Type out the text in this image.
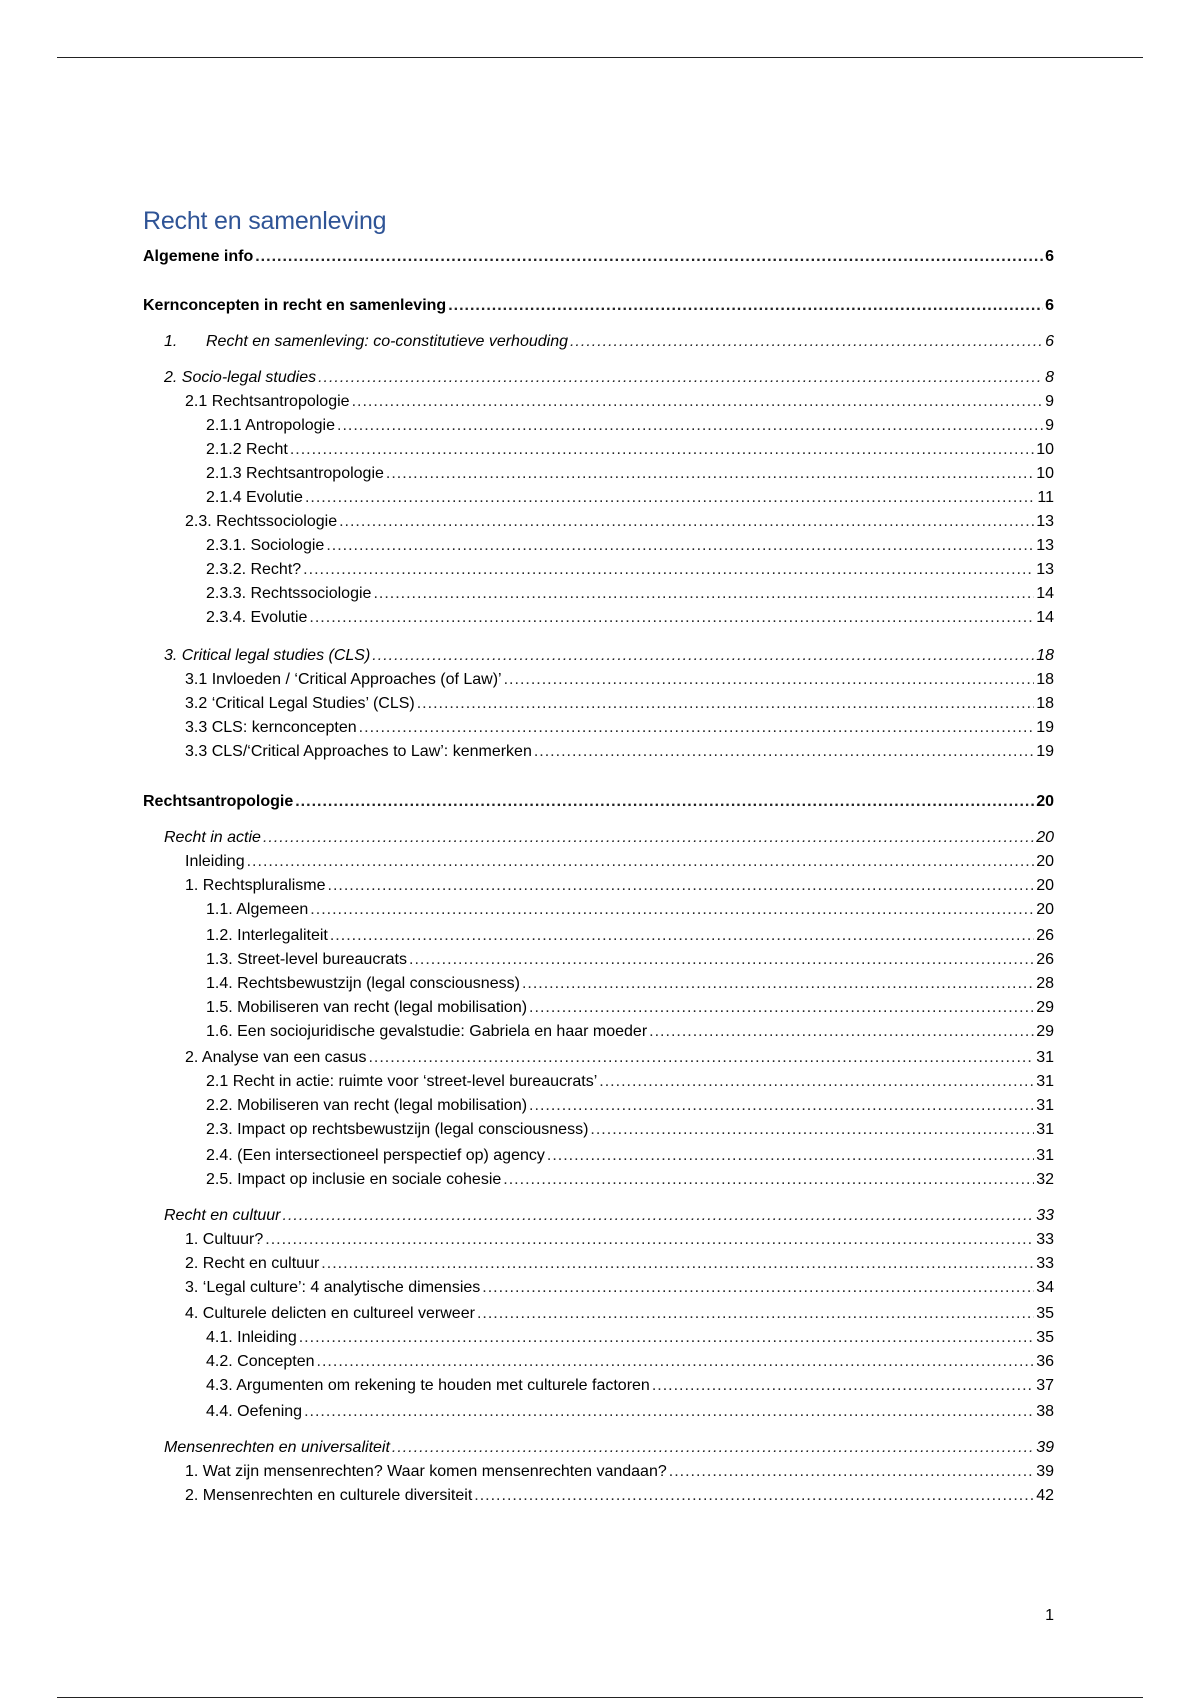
Recht en samenleving
Algemene info .....	6
Kernconcepten in recht en samenleving .....	6
1. Recht en samenleving: co-constitutieve verhouding .....	6
2. Socio-legal studies .....	8
2.1 Rechtsantropologie .....	9
2.1.1 Antropologie .....	9
2.1.2 Recht .....	10
2.1.3 Rechtsantropologie .....	10
2.1.4 Evolutie .....	11
2.3. Rechtssociologie .....	13
2.3.1. Sociologie .....	13
2.3.2. Recht? .....	13
2.3.3. Rechtssociologie .....	14
2.3.4. Evolutie .....	14
3. Critical legal studies (CLS) .....	18
3.1 Invloeden / ‘Critical Approaches (of Law)’ .....	18
3.2 ‘Critical Legal Studies’ (CLS) .....	18
3.3 CLS: kernconcepten .....	19
3.3 CLS/‘Critical Approaches to Law’: kenmerken .....	19
Rechtsantropologie .....	20
Recht in actie .....	20
Inleiding .....	20
1. Rechtspluralisme .....	20
1.1. Algemeen .....	20
1.2. Interlegaliteit .....	26
1.3. Street-level bureaucrats .....	26
1.4. Rechtsbewustzijn (legal consciousness) .....	28
1.5. Mobiliseren van recht (legal mobilisation) .....	29
1.6. Een sociojuridische gevalstudie: Gabriela en haar moeder .....	29
2. Analyse van een casus .....	31
2.1 Recht in actie: ruimte voor ‘street-level bureaucrats’ .....	31
2.2. Mobiliseren van recht (legal mobilisation) .....	31
2.3. Impact op rechtsbewustzijn (legal consciousness) .....	31
2.4. (Een intersectioneel perspectief op) agency .....	31
2.5. Impact op inclusie en sociale cohesie .....	32
Recht en cultuur .....	33
1. Cultuur? .....	33
2. Recht en cultuur .....	33
3. ‘Legal culture’: 4 analytische dimensies .....	34
4. Culturele delicten en cultureel verweer .....	35
4.1. Inleiding .....	35
4.2. Concepten .....	36
4.3. Argumenten om rekening te houden met culturele factoren .....	37
4.4. Oefening .....	38
Mensenrechten en universaliteit .....	39
1. Wat zijn mensenrechten? Waar komen mensenrechten vandaan? .....	39
2. Mensenrechten en culturele diversiteit .....	42
1
